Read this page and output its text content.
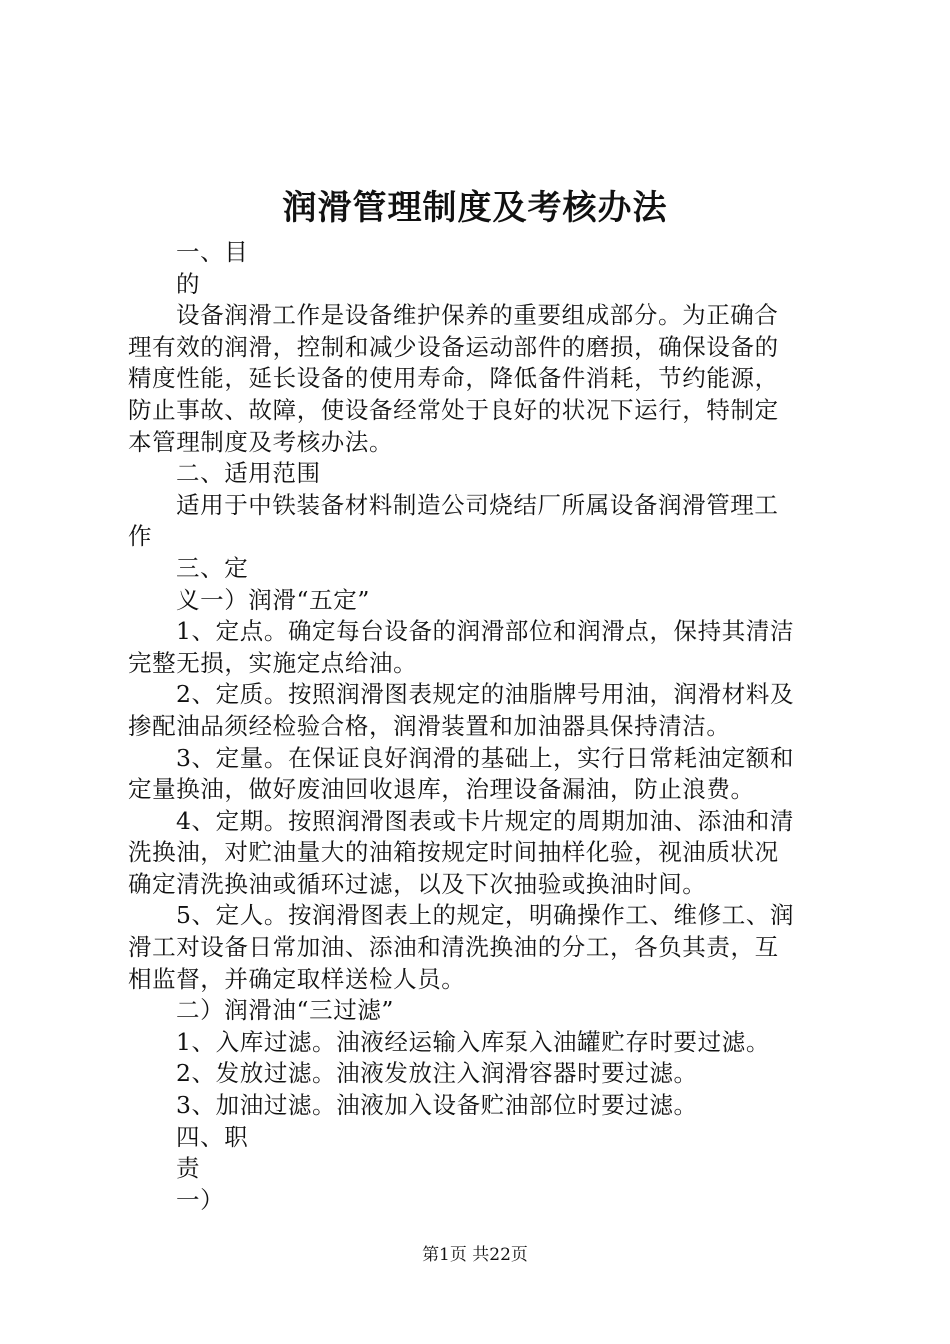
润滑管理制度及考核办法
一、目
的
设备润滑工作是设备维护保养的重要组成部分。为正确合
理有效的润滑，控制和减少设备运动部件的磨损，确保设备的
精度性能，延长设备的使用寿命，降低备件消耗，节约能源，
防止事故、故障，使设备经常处于良好的状况下运行，特制定
本管理制度及考核办法。
二、适用范围
适用于中铁装备材料制造公司烧结厂所属设备润滑管理工
作
三、定
义一）润滑“五定”
1、定点。确定每台设备的润滑部位和润滑点，保持其清洁
完整无损，实施定点给油。
2、定质。按照润滑图表规定的油脂牌号用油，润滑材料及
掺配油品须经检验合格，润滑装置和加油器具保持清洁。
3、定量。在保证良好润滑的基础上，实行日常耗油定额和
定量换油，做好废油回收退库，治理设备漏油，防止浪费。
4、定期。按照润滑图表或卡片规定的周期加油、添油和清
洗换油，对贮油量大的油箱按规定时间抽样化验，视油质状况
确定清洗换油或循环过滤，以及下次抽验或换油时间。
5、定人。按润滑图表上的规定，明确操作工、维修工、润
滑工对设备日常加油、添油和清洗换油的分工，各负其责，互
相监督，并确定取样送检人员。
二）润滑油“三过滤”
1、入库过滤。油液经运输入库泵入油罐贮存时要过滤。
2、发放过滤。油液发放注入润滑容器时要过滤。
3、加油过滤。油液加入设备贮油部位时要过滤。
四、职
责
一）
第1页 共22页
